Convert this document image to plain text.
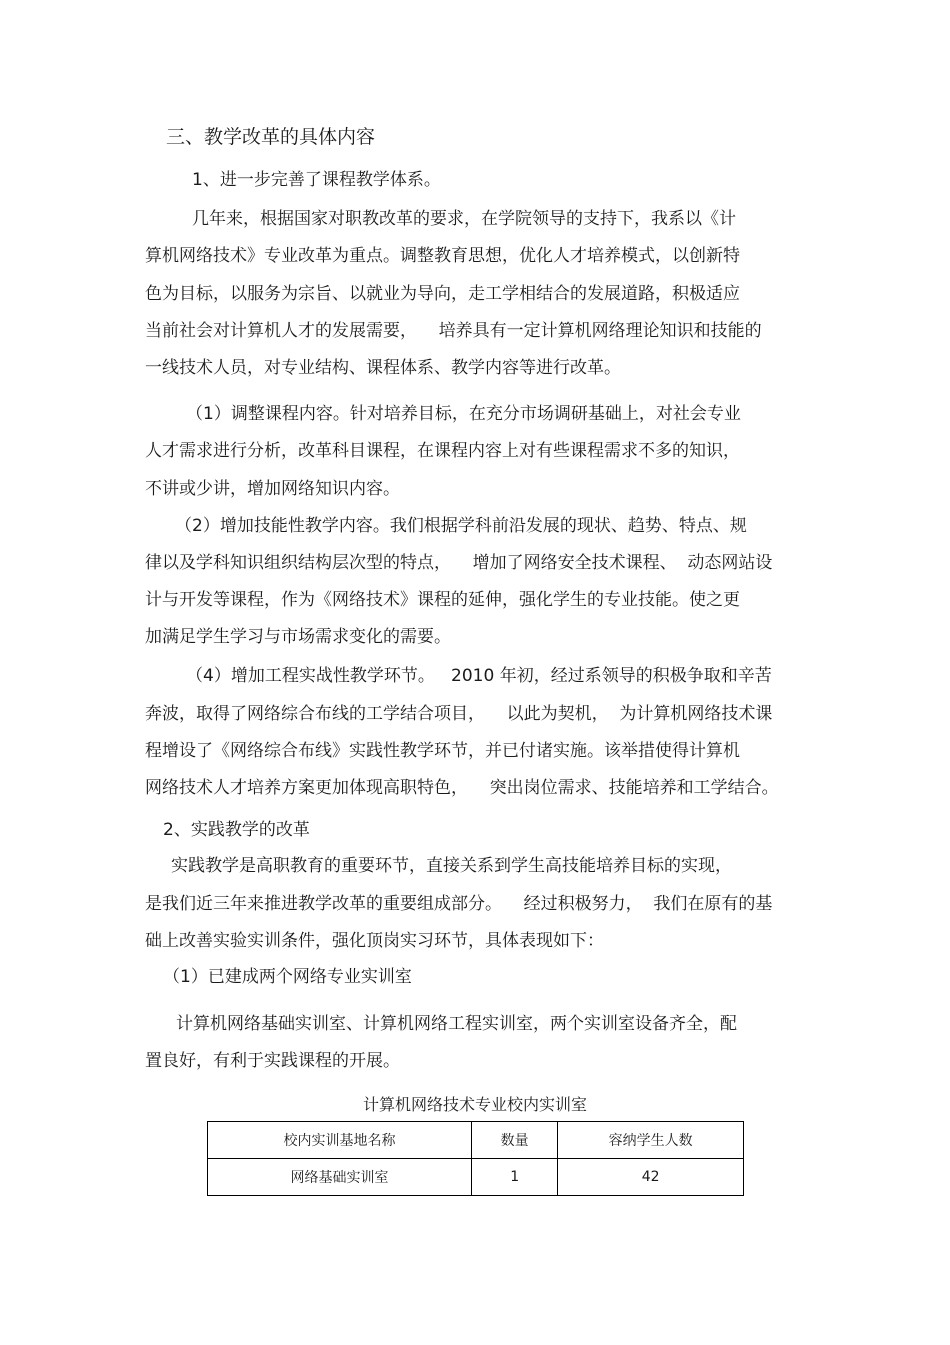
三、教学改革的具体内容
1、进一步完善了课程教学体系。
几年来，根据国家对职教改革的要求，在学院领导的支持下，我系以《计
算机网络技术》专业改革为重点。调整教育思想，优化人才培养模式，以创新特
色为目标，以服务为宗旨、以就业为导向，走工学相结合的发展道路，积极适应
当前社会对计算机人才的发展需要，    培养具有一定计算机网络理论知识和技能的
一线技术人员，对专业结构、课程体系、教学内容等进行改革。
（1）调整课程内容。针对培养目标，在充分市场调研基础上，对社会专业
人才需求进行分析，改革科目课程，在课程内容上对有些课程需求不多的知识，
不讲或少讲，增加网络知识内容。
（2）增加技能性教学内容。我们根据学科前沿发展的现状、趋势、特点、规
律以及学科知识组织结构层次型的特点，    增加了网络安全技术课程、  动态网站设
计与开发等课程，作为《网络技术》课程的延伸，强化学生的专业技能。使之更
加满足学生学习与市场需求变化的需要。
（4）增加工程实战性教学环节。   2010 年初，经过系领导的积极争取和辛苦
奔波，取得了网络综合布线的工学结合项目，    以此为契机，  为计算机网络技术课
程增设了《网络综合布线》实践性教学环节，并已付诸实施。该举措使得计算机
网络技术人才培养方案更加体现高职特色，    突出岗位需求、技能培养和工学结合。
2、实践教学的改革
实践教学是高职教育的重要环节，直接关系到学生高技能培养目标的实现，
是我们近三年来推进教学改革的重要组成部分。    经过积极努力，  我们在原有的基
础上改善实验实训条件，强化顶岗实习环节，具体表现如下：
（1）已建成两个网络专业实训室
计算机网络基础实训室、计算机网络工程实训室，两个实训室设备齐全，配
置良好，有利于实践课程的开展。
计算机网络技术专业校内实训室
校内实训基地名称	数量	容纳学生人数
网络基础实训室	1	42
